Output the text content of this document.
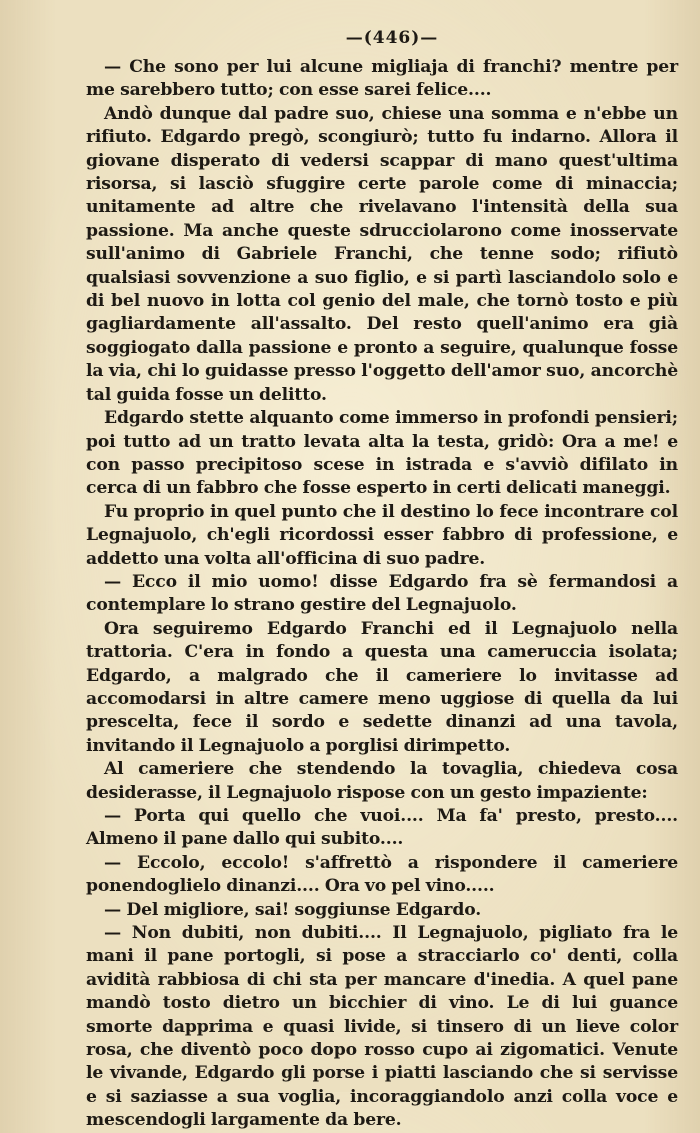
—(446)—

— Che sono per lui alcune migliaja di franchi? mentre per me sarebbero tutto; con esse sarei felice....

Andò dunque dal padre suo, chiese una somma e n'ebbe un rifiuto. Edgardo pregò, scongiurò; tutto fu indarno. Allora il giovane disperato di vedersi scappar di mano quest'ultima risorsa, si lasciò sfuggire certe parole come di minaccia; unitamente ad altre che rivelavano l'intensità della sua passione. Ma anche queste sdrucciolarono come inosservate sull'animo di Gabriele Franchi, che tenne sodo; rifiutò qualsiasi sovvenzione a suo figlio, e si partì lasciandolo solo e di bel nuovo in lotta col genio del male, che tornò tosto e più gagliardamente all'assalto. Del resto quell'animo era già soggiogato dalla passione e pronto a seguire, qualunque fosse la via, chi lo guidasse presso l'oggetto dell'amor suo, ancorchè tal guida fosse un delitto.

Edgardo stette alquanto come immerso in profondi pensieri; poi tutto ad un tratto levata alta la testa, gridò: Ora a me! e con passo precipitoso scese in istrada e s'avviò difilato in cerca di un fabbro che fosse esperto in certi delicati maneggi.

Fu proprio in quel punto che il destino lo fece incontrare col Legnajuolo, ch'egli ricordossi esser fabbro di professione, e addetto una volta all'officina di suo padre.

— Ecco il mio uomo! disse Edgardo fra sè fermandosi a contemplare lo strano gestire del Legnajuolo.

Ora seguiremo Edgardo Franchi ed il Legnajuolo nella trattoria. C'era in fondo a questa una cameruccia isolata; Edgardo, a malgrado che il cameriere lo invitasse ad accomodarsi in altre camere meno uggiose di quella da lui prescelta, fece il sordo e sedette dinanzi ad una tavola, invitando il Legnajuolo a porglisi dirimpetto.

Al cameriere che stendendo la tovaglia, chiedeva cosa desiderasse, il Legnajuolo rispose con un gesto impaziente:

— Porta qui quello che vuoi.... Ma fa' presto, presto.... Almeno il pane dallo qui subito....

— Eccolo, eccolo! s'affrettò a rispondere il cameriere ponendoglielo dinanzi.... Ora vo pel vino.....

— Del migliore, sai! soggiunse Edgardo.

— Non dubiti, non dubiti.... Il Legnajuolo, pigliato fra le mani il pane portogli, si pose a stracciarlo co' denti, colla avidità rabbiosa di chi sta per mancare d'inedia. A quel pane mandò tosto dietro un bicchier di vino. Le di lui guance smorte dapprima e quasi livide, si tinsero di un lieve color rosa, che diventò poco dopo rosso cupo ai zigomatici. Venute le vivande, Edgardo gli porse i piatti lasciando che si servisse e si saziasse a sua voglia, incoraggiandolo anzi colla voce e mescendogli largamente da bere.
